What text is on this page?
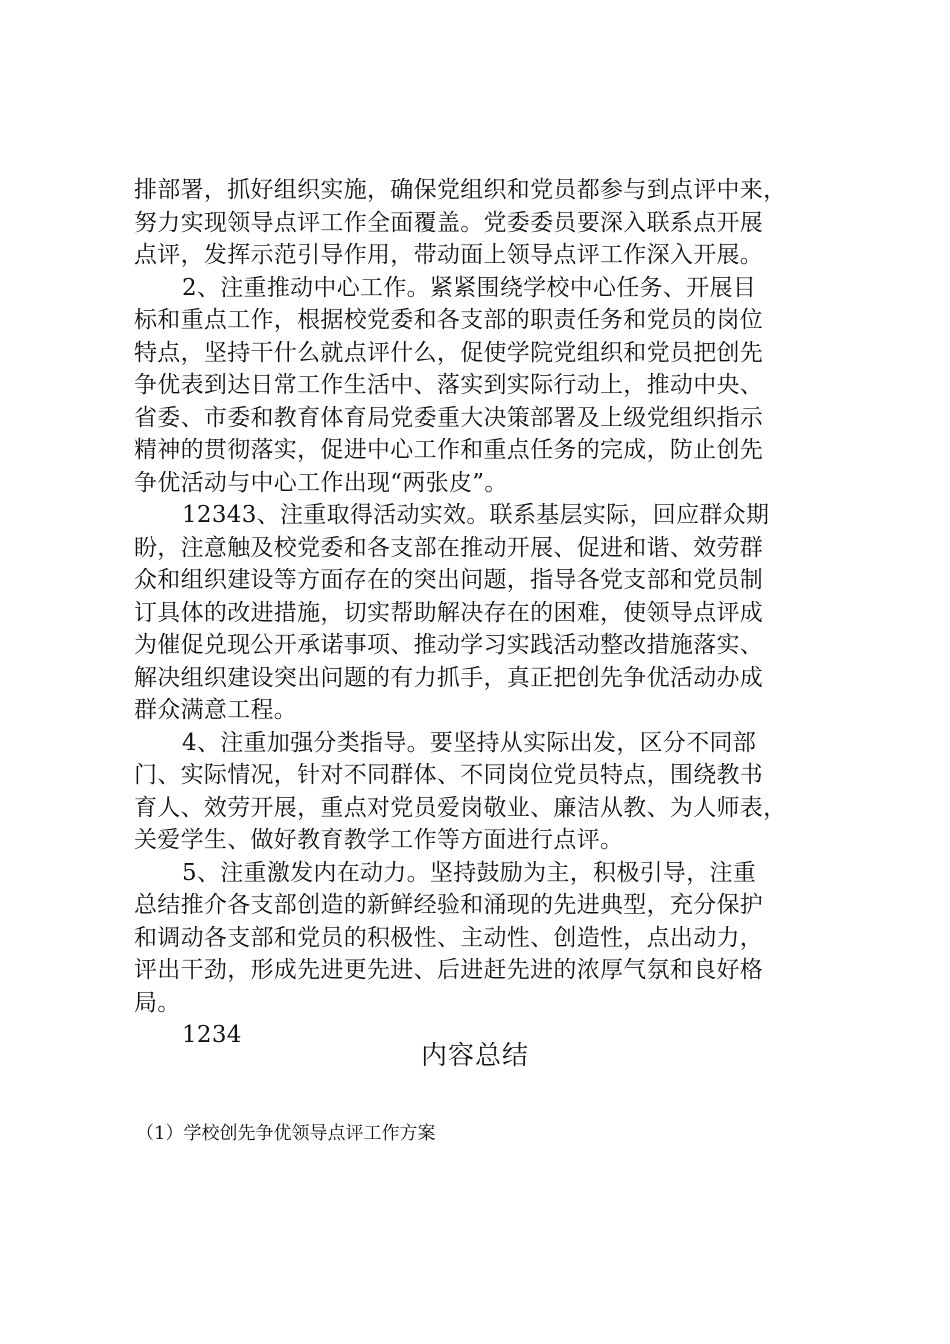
排部署，抓好组织实施，确保党组织和党员都参与到点评中来，
努力实现领导点评工作全面覆盖。党委委员要深入联系点开展
点评，发挥示范引导作用，带动面上领导点评工作深入开展。
2、注重推动中心工作。紧紧围绕学校中心任务、开展目
标和重点工作，根据校党委和各支部的职责任务和党员的岗位
特点，坚持干什么就点评什么，促使学院党组织和党员把创先
争优表到达日常工作生活中、落实到实际行动上，推动中央、
省委、市委和教育体育局党委重大决策部署及上级党组织指示
精神的贯彻落实，促进中心工作和重点任务的完成，防止创先
争优活动与中心工作出现“两张皮”。
12343、注重取得活动实效。联系基层实际，回应群众期
盼，注意触及校党委和各支部在推动开展、促进和谐、效劳群
众和组织建设等方面存在的突出问题，指导各党支部和党员制
订具体的改进措施，切实帮助解决存在的困难，使领导点评成
为催促兑现公开承诺事项、推动学习实践活动整改措施落实、
解决组织建设突出问题的有力抓手，真正把创先争优活动办成
群众满意工程。
4、注重加强分类指导。要坚持从实际出发，区分不同部
门、实际情况，针对不同群体、不同岗位党员特点，围绕教书
育人、效劳开展，重点对党员爱岗敬业、廉洁从教、为人师表，
关爱学生、做好教育教学工作等方面进行点评。
5、注重激发内在动力。坚持鼓励为主，积极引导，注重
总结推介各支部创造的新鲜经验和涌现的先进典型，充分保护
和调动各支部和党员的积极性、主动性、创造性，点出动力，
评出干劲，形成先进更先进、后进赶先进的浓厚气氛和良好格
局。
1234
内容总结
（1）学校创先争优领导点评工作方案
